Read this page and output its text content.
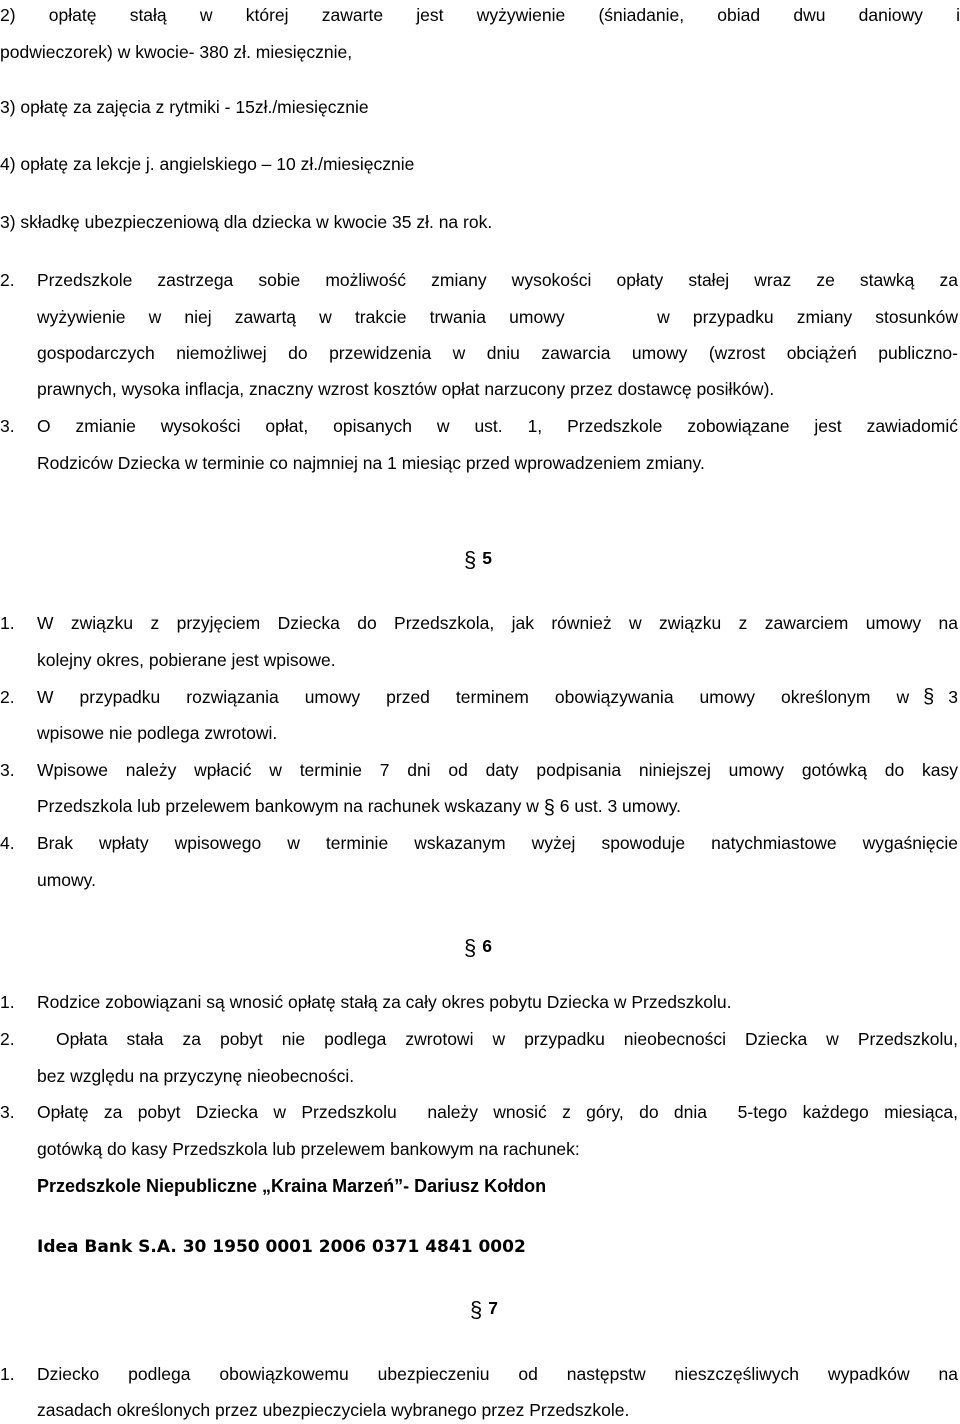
2) opłatę stałą w której zawarte jest wyżywienie (śniadanie, obiad dwu daniowy i
podwieczorek) w kwocie- 380 zł. miesięcznie,
3) opłatę za zajęcia z rytmiki - 15zł./miesięcznie
4) opłatę za lekcje j. angielskiego – 10 zł./miesięcznie
3) składkę ubezpieczeniową dla dziecka w kwocie 35 zł. na rok.
2.	Przedszkole zastrzega sobie możliwość zmiany wysokości opłaty stałej wraz ze stawką za
wyżywienie w niej zawartą w trakcie trwania umowy    w przypadku zmiany stosunków
gospodarczych niemożliwej do przewidzenia w dniu zawarcia umowy (wzrost obciążeń publiczno-
prawnych, wysoka inflacja, znaczny wzrost kosztów opłat narzucony przez dostawcę posiłków).
3.	O zmianie wysokości opłat, opisanych w ust. 1, Przedszkole zobowiązane jest zawiadomić
Rodziców Dziecka w terminie co najmniej na 1 miesiąc przed wprowadzeniem zmiany.
§ 5
1.	W związku z przyjęciem Dziecka do Przedszkola, jak również w związku z zawarciem umowy na
kolejny okres, pobierane jest wpisowe.
2.	W przypadku rozwiązania umowy przed terminem obowiązywania umowy określonym w § 3
wpisowe nie podlega zwrotowi.
3.	Wpisowe należy wpłacić w terminie 7 dni od daty podpisania niniejszej umowy gotówką do kasy
Przedszkola lub przelewem bankowym na rachunek wskazany w § 6 ust. 3 umowy.
4.	Brak wpłaty wpisowego w terminie wskazanym wyżej spowoduje natychmiastowe wygaśnięcie
umowy.
§ 6
1.	Rodzice zobowiązani są wnosić opłatę stałą za cały okres pobytu Dziecka w Przedszkolu.
2.	Opłata stała za pobyt nie podlega zwrotowi w przypadku nieobecności Dziecka w Przedszkolu,
bez względu na przyczynę nieobecności.
3.	Opłatę za pobyt Dziecka w Przedszkolu  należy wnosić z góry, do dnia  5-tego każdego miesiąca,
gotówką do kasy Przedszkola lub przelewem bankowym na rachunek:
Przedszkole Niepubliczne „Kraina Marzeń”- Dariusz Kołdon
Idea Bank S.A. 30 1950 0001 2006 0371 4841 0002
§ 7
1.	Dziecko podlega obowiązkowemu ubezpieczeniu od następstw nieszczęśliwych wypadków na
zasadach określonych przez ubezpieczyciela wybranego przez Przedszkole.
